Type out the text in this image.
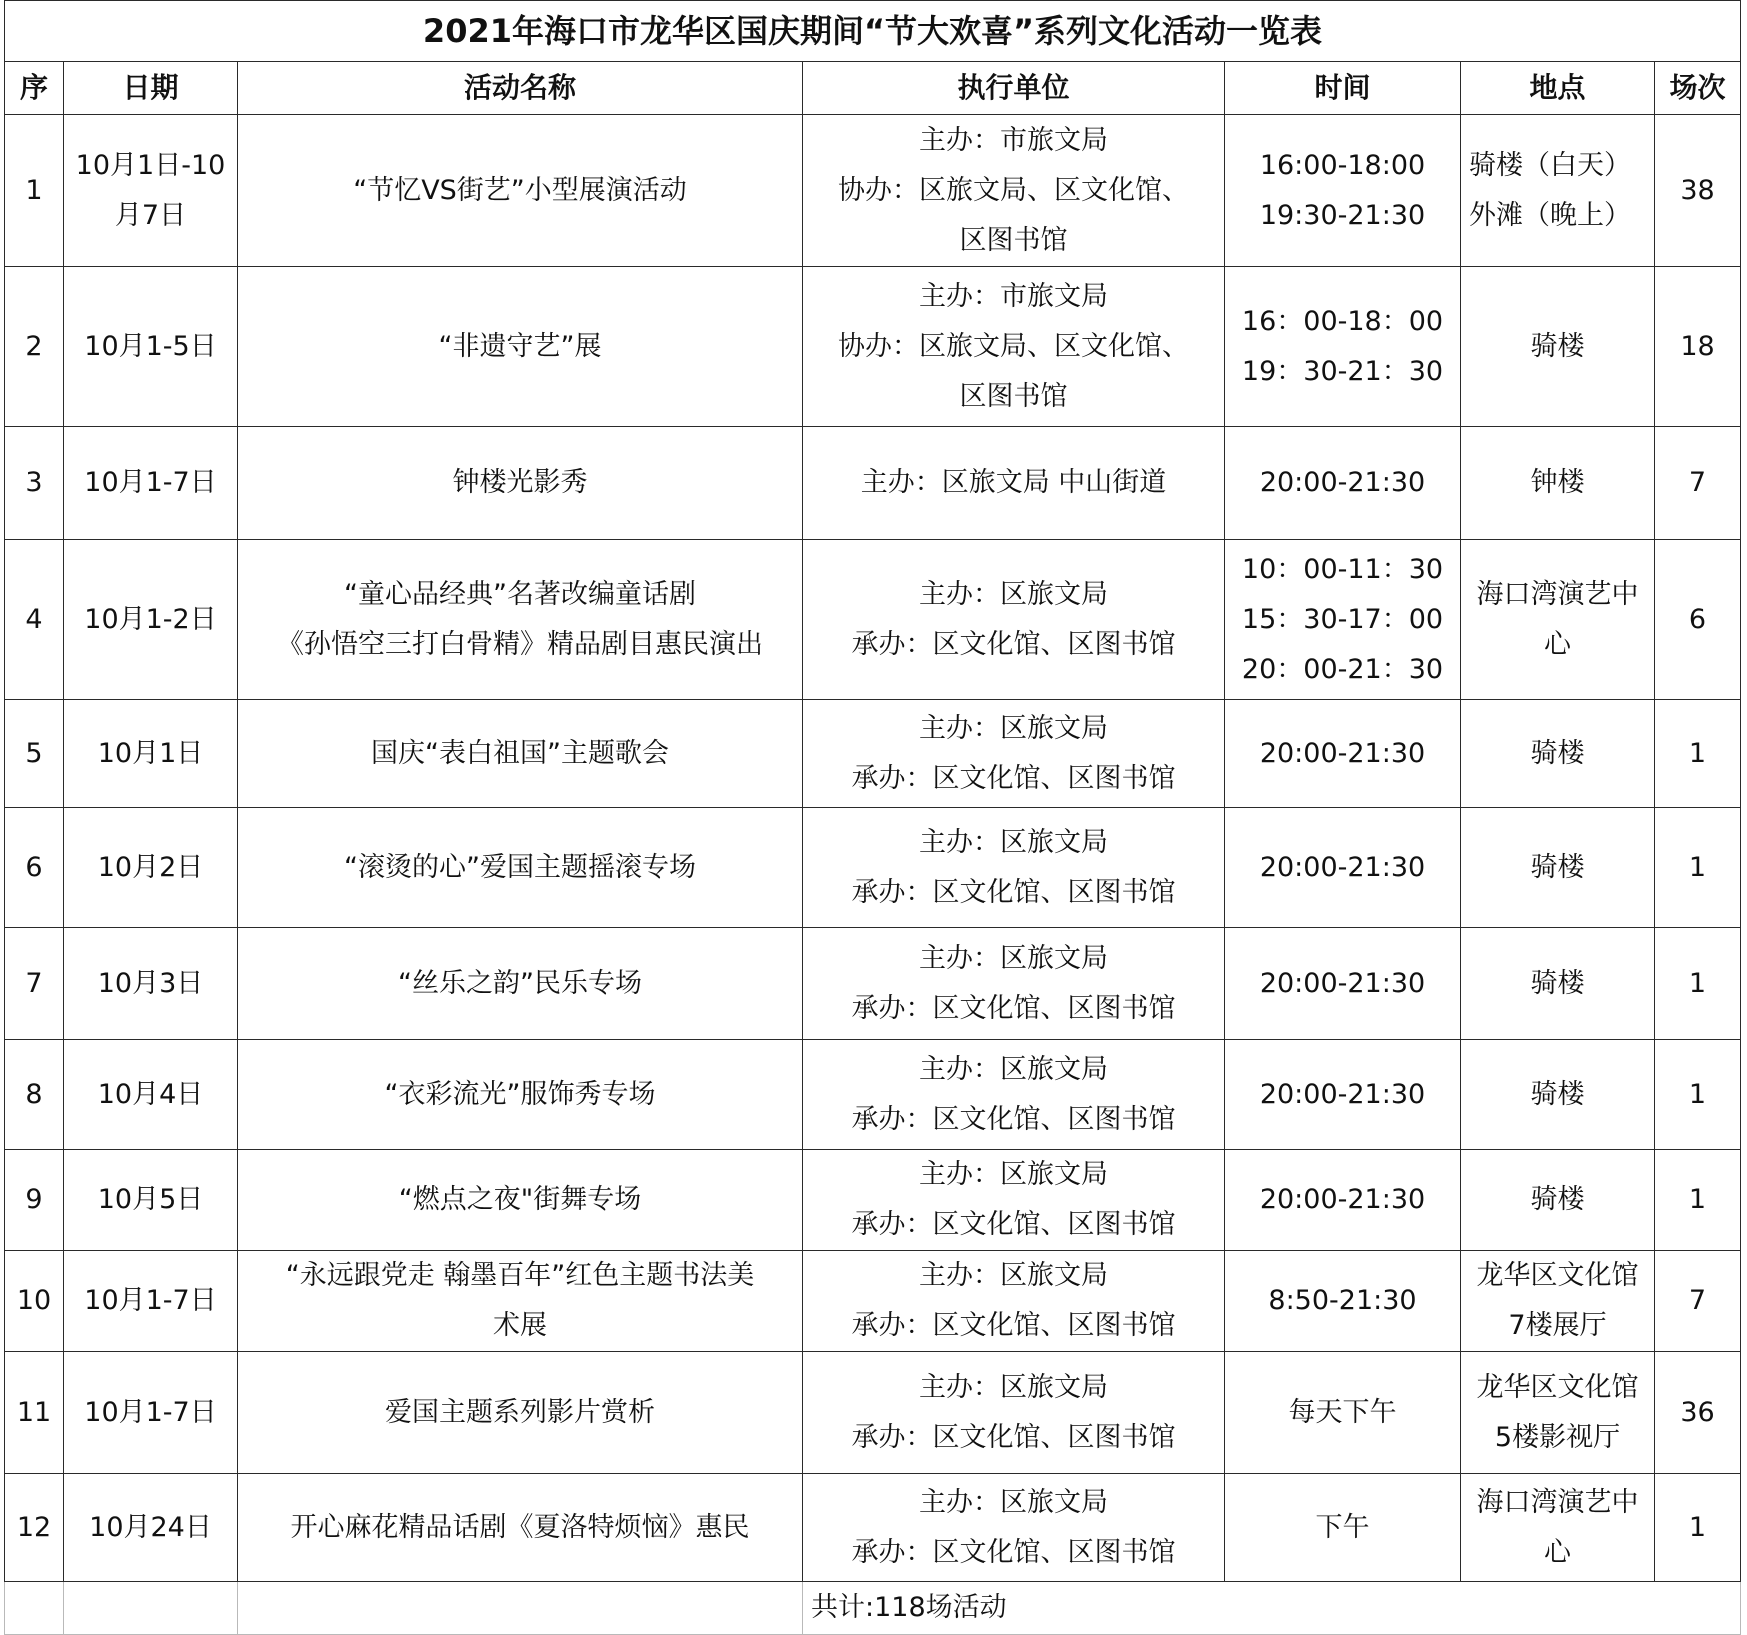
2021年海口市龙华区国庆期间“节大欢喜”系列文化活动一览表						
序	日期	活动名称	执行单位	时间	地点	场次
1	10月1日-10
月7日	“节忆VS街艺”小型展演活动	主办：市旅文局
协办：区旅文局、区文化馆、
区图书馆	16:00-18:00
19:30-21:30	骑楼（白天）
外滩（晚上）	38
2	10月1-5日	“非遗守艺”展	主办：市旅文局
协办：区旅文局、区文化馆、
区图书馆	16：00-18：00
19：30-21：30	骑楼	18
3	10月1-7日	钟楼光影秀	主办：区旅文局 中山街道	20:00-21:30	钟楼	7
4	10月1-2日	“童心品经典”名著改编童话剧
《孙悟空三打白骨精》精品剧目惠民演出	主办：区旅文局
承办：区文化馆、区图书馆	10：00-11：30
15：30-17：00
20：00-21：30	海口湾演艺中
心	6
5	10月1日	国庆“表白祖国”主题歌会	主办：区旅文局
承办：区文化馆、区图书馆	20:00-21:30	骑楼	1
6	10月2日	“滚烫的心”爱国主题摇滚专场	主办：区旅文局
承办：区文化馆、区图书馆	20:00-21:30	骑楼	1
7	10月3日	“丝乐之韵”民乐专场	主办：区旅文局
承办：区文化馆、区图书馆	20:00-21:30	骑楼	1
8	10月4日	“衣彩流光”服饰秀专场	主办：区旅文局
承办：区文化馆、区图书馆	20:00-21:30	骑楼	1
9	10月5日	“燃点之夜"街舞专场	主办：区旅文局
承办：区文化馆、区图书馆	20:00-21:30	骑楼	1
10	10月1-7日	“永远跟党走 翰墨百年”红色主题书法美
术展	主办：区旅文局
承办：区文化馆、区图书馆	8:50-21:30	龙华区文化馆
7楼展厅	7
11	10月1-7日	爱国主题系列影片赏析	主办：区旅文局
承办：区文化馆、区图书馆	每天下午	龙华区文化馆
5楼影视厅	36
12	10月24日	开心麻花精品话剧《夏洛特烦恼》惠民	主办：区旅文局
承办：区文化馆、区图书馆	下午	海口湾演艺中
心	1
			共计:118场活动			
